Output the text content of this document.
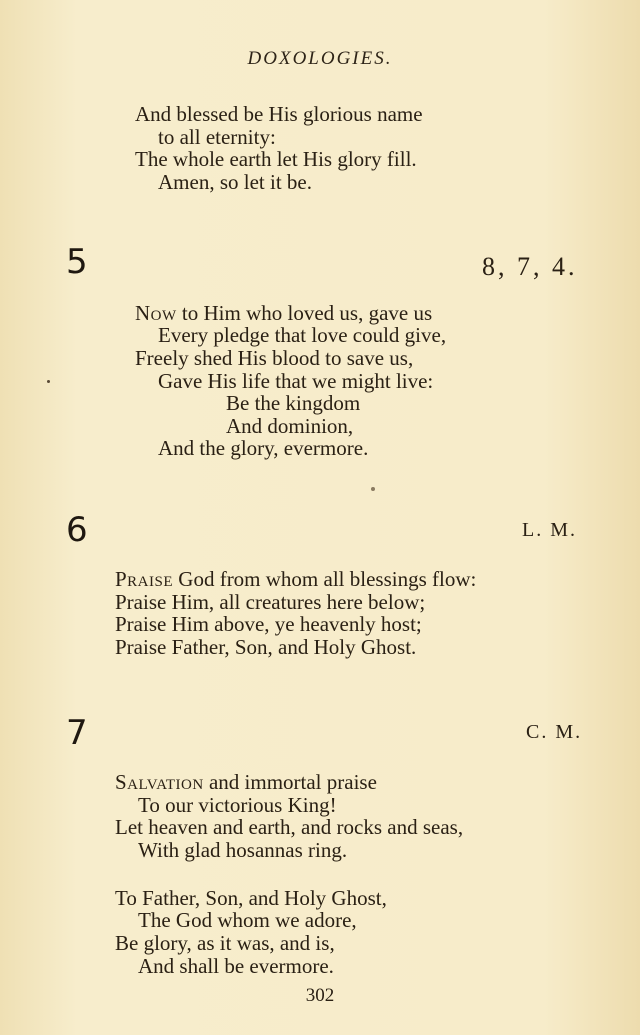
DOXOLOGIES.
And blessed be His glorious name
to all eternity:
The whole earth let His glory fill.
Amen, so let it be.
5	8, 7, 4.
Now to Him who loved us, gave us
Every pledge that love could give,
Freely shed His blood to save us,
Gave His life that we might live:
Be the kingdom
And dominion,
And the glory, evermore.
6	L. M.
Praise God from whom all blessings flow:
Praise Him, all creatures here below;
Praise Him above, ye heavenly host;
Praise Father, Son, and Holy Ghost.
7	C. M.
Salvation and immortal praise
To our victorious King!
Let heaven and earth, and rocks and seas,
With glad hosannas ring.
To Father, Son, and Holy Ghost,
The God whom we adore,
Be glory, as it was, and is,
And shall be evermore.
302
